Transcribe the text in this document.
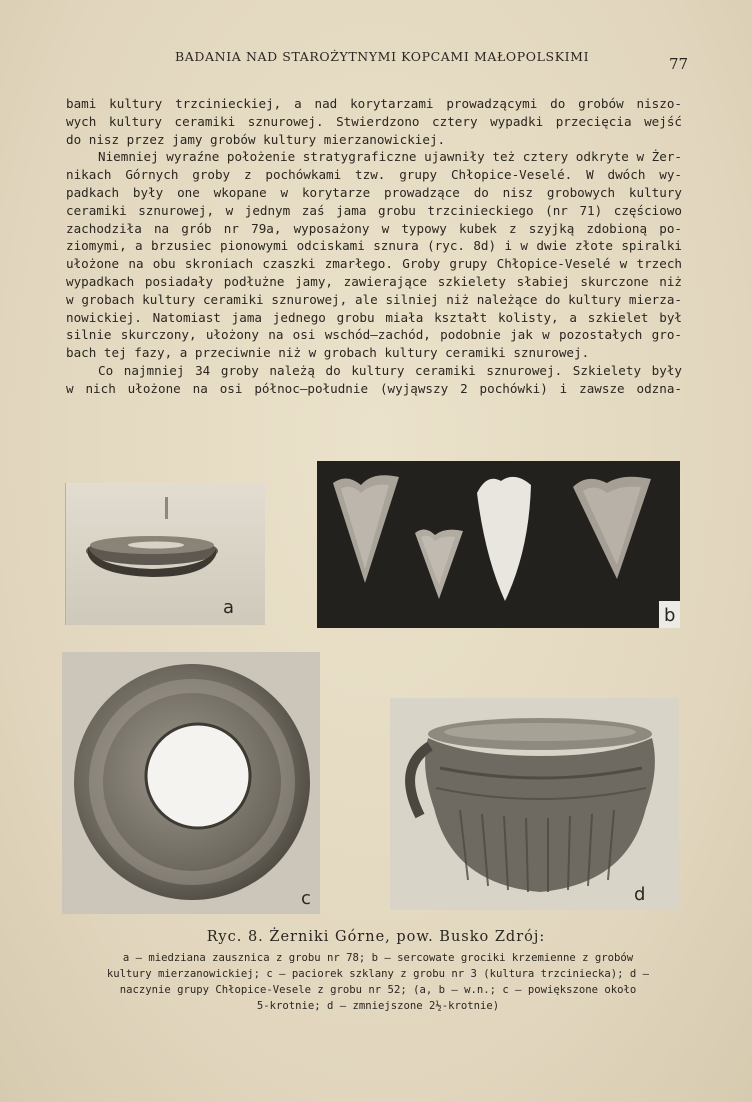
BADANIA NAD STAROŻYTNYMI KOPCAMI MAŁOPOLSKIMI	77
bami kultury trzcinieckiej, a nad korytarzami prowadzącymi do grobów niszo-
wych kultury ceramiki sznurowej. Stwierdzono cztery wypadki przecięcia wejść
do nisz przez jamy grobów kultury mierzanowickiej.
Niemniej wyraźne położenie stratygraficzne ujawniły też cztery odkryte w Żer-
nikach Górnych groby z pochówkami tzw. grupy Chłopice-Veselé. W dwóch wy-
padkach były one wkopane w korytarze prowadzące do nisz grobowych kultury
ceramiki sznurowej, w jednym zaś jama grobu trzcinieckiego (nr 71) częściowo
zachodziła na grób nr 79a, wyposażony w typowy kubek z szyjką zdobioną po-
ziomymi, a brzusiec pionowymi odciskami sznura (ryc. 8d) i w dwie złote spiralki
ułożone na obu skroniach czaszki zmarłego. Groby grupy Chłopice-Veselé w trzech
wypadkach posiadały podłużne jamy, zawierające szkielety słabiej skurczone niż
w grobach kultury ceramiki sznurowej, ale silniej niż należące do kultury mierza-
nowickiej. Natomiast jama jednego grobu miała kształt kolisty, a szkielet był
silnie skurczony, ułożony na osi wschód—zachód, podobnie jak w pozostałych gro-
bach tej fazy, a przeciwnie niż w grobach kultury ceramiki sznurowej.
Co najmniej 34 groby należą do kultury ceramiki sznurowej. Szkielety były
w nich ułożone na osi północ—południe (wyjąwszy 2 pochówki) i zawsze odzna-
a	b
c	d
Ryc. 8. Żerniki Górne, pow. Busko Zdrój:
a — miedziana zausznica z grobu nr 78; b — sercowate grociki krzemienne z grobów
kultury mierzanowickiej; c — paciorek szklany z grobu nr 3 (kultura trzciniecka); d —
naczynie grupy Chłopice-Vesele z grobu nr 52; (a, b — w.n.; c — powiększone około
5-krotnie; d — zmniejszone 2½-krotnie)
